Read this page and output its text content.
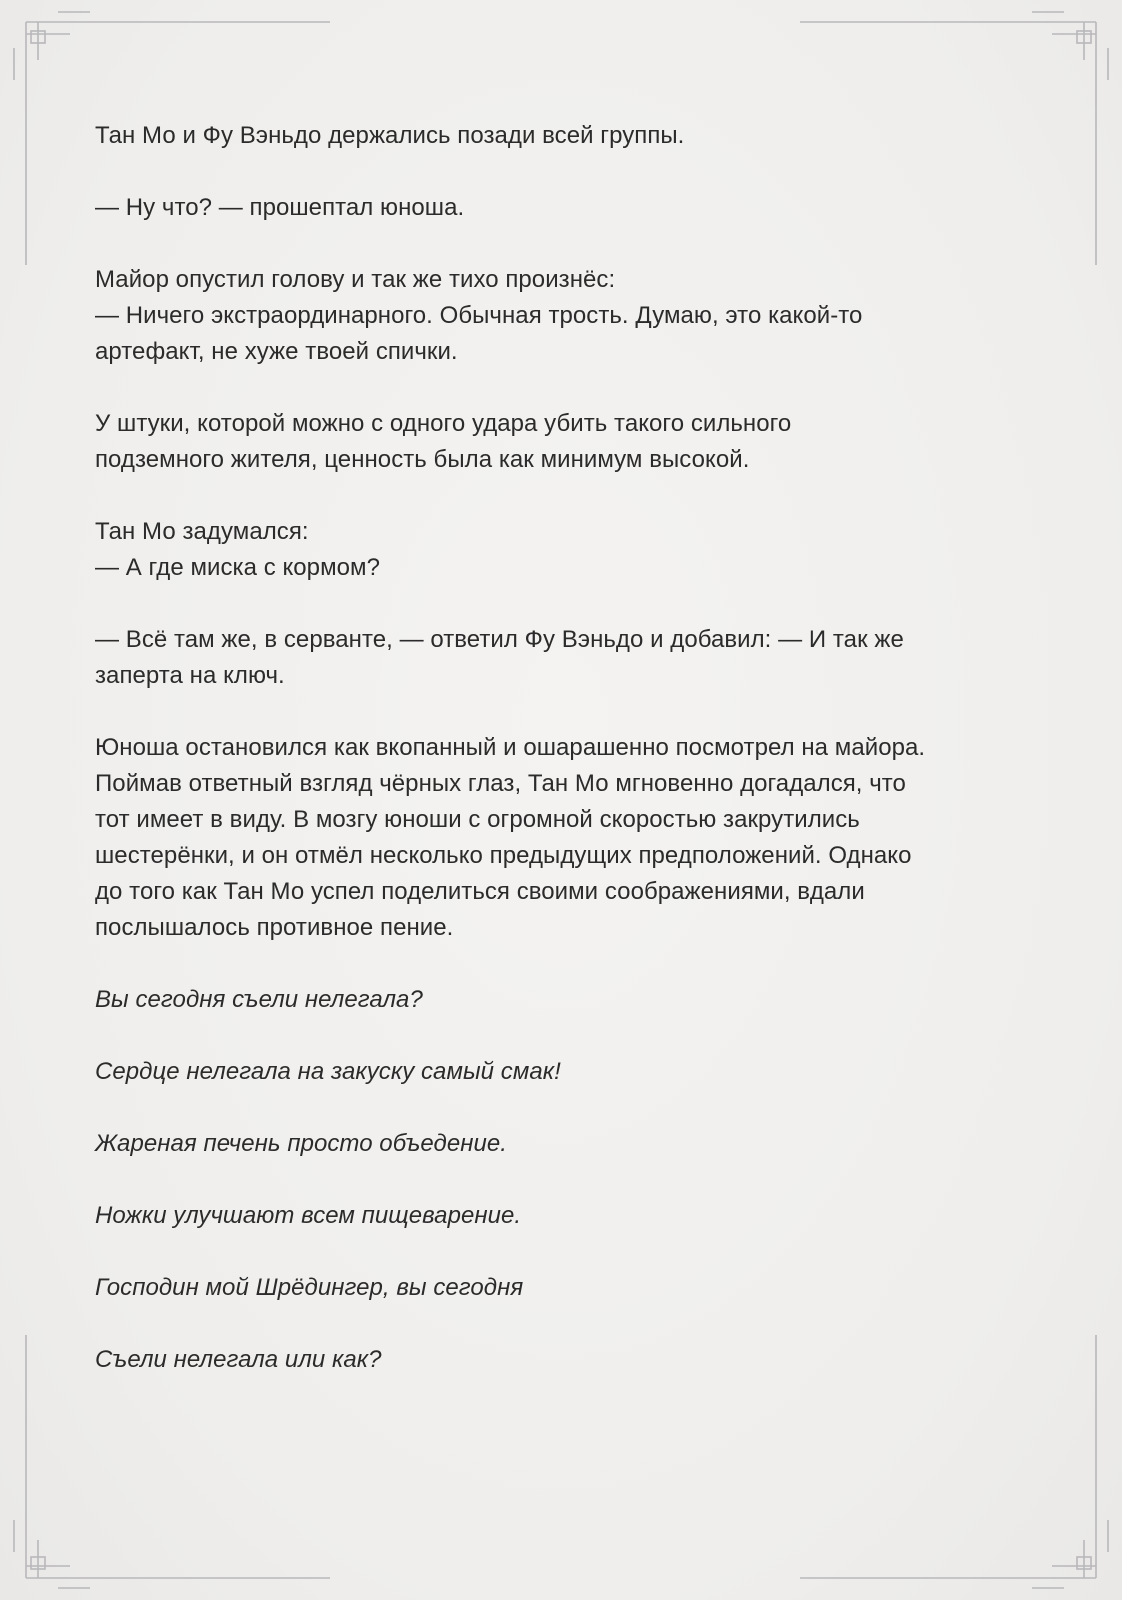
Тан Мо и Фу Вэньдо держались позади всей группы.
— Ну что? — прошептал юноша.
Майор опустил голову и так же тихо произнёс:
— Ничего экстраординарного. Обычная трость. Думаю, это какой-то
артефакт, не хуже твоей спички.
У штуки, которой можно с одного удара убить такого сильного
подземного жителя, ценность была как минимум высокой.
Тан Мо задумался:
— А где миска с кормом?
— Всё там же, в серванте, — ответил Фу Вэньдо и добавил: — И так же
заперта на ключ.
Юноша остановился как вкопанный и ошарашенно посмотрел на майора.
Поймав ответный взгляд чёрных глаз, Тан Мо мгновенно догадался, что
тот имеет в виду. В мозгу юноши с огромной скоростью закрутились
шестерёнки, и он отмёл несколько предыдущих предположений. Однако
до того как Тан Мо успел поделиться своими соображениями, вдали
послышалось противное пение.
Вы сегодня съели нелегала?
Сердце нелегала на закуску самый смак!
Жареная печень просто объедение.
Ножки улучшают всем пищеварение.
Господин мой Шрёдингер, вы сегодня
Съели нелегала или как?
